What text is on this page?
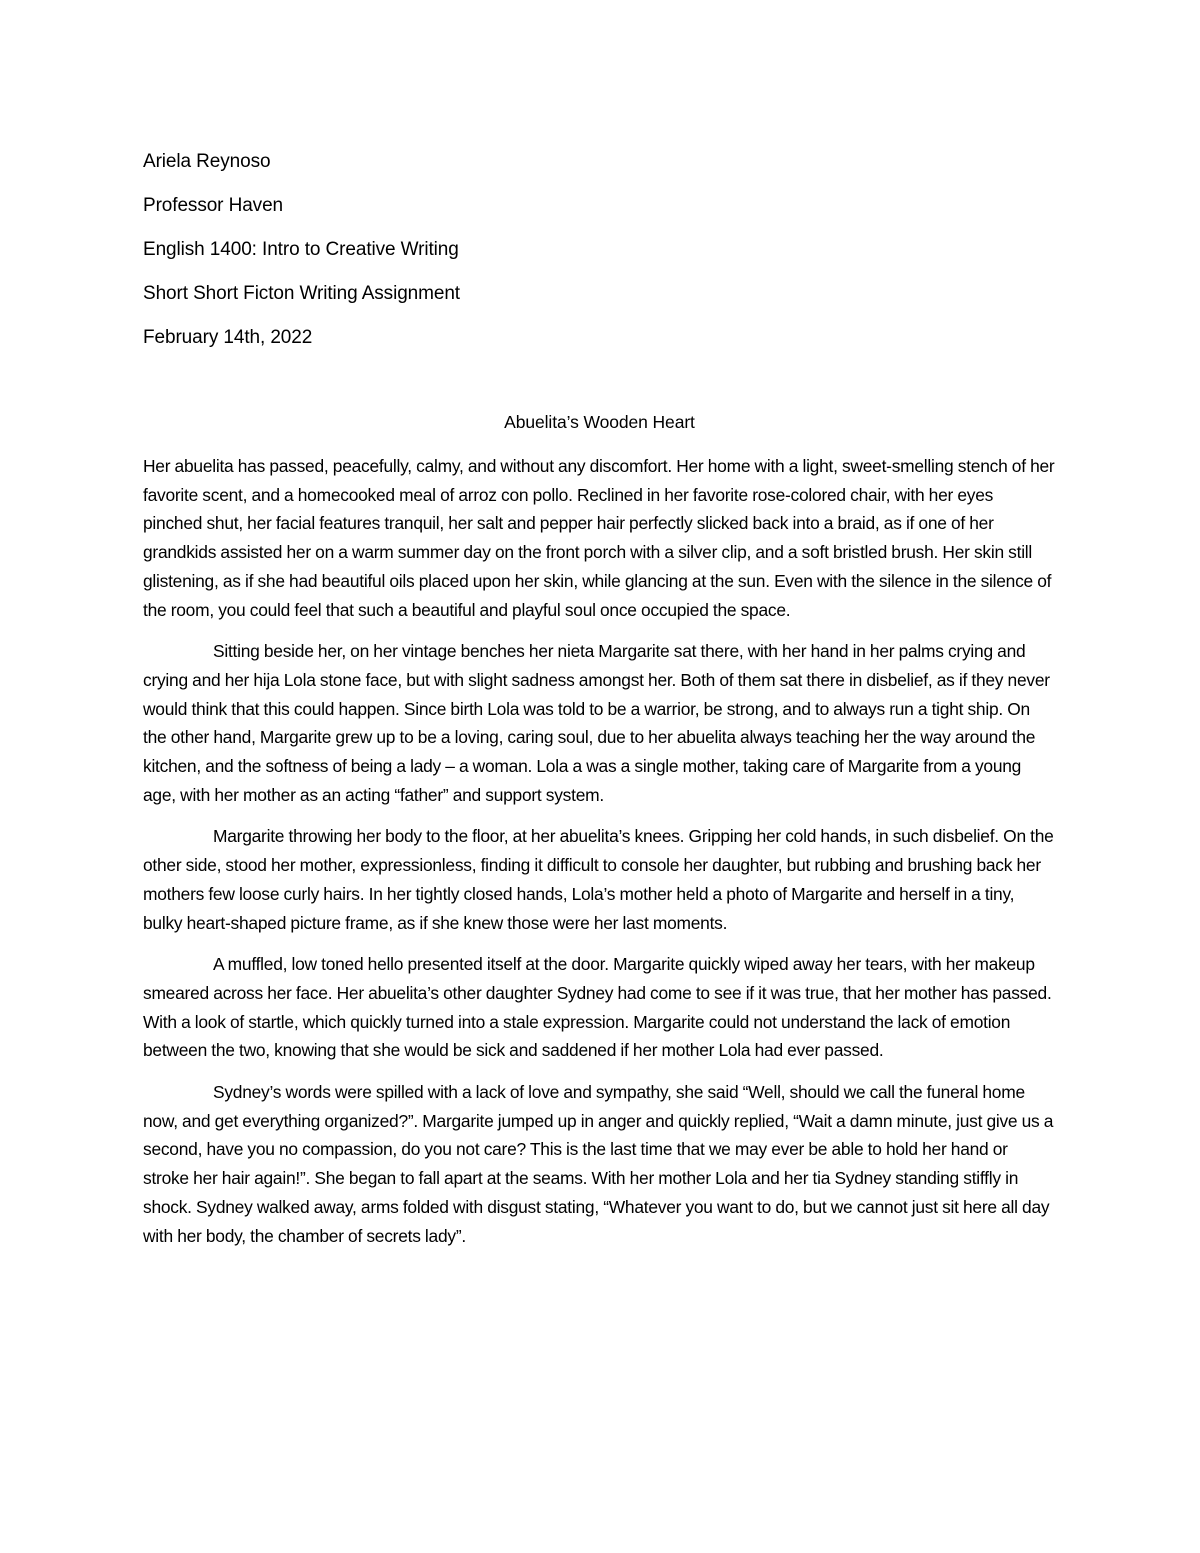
Ariela Reynoso
Professor Haven
English 1400: Intro to Creative Writing
Short Short Ficton Writing Assignment
February 14th, 2022
Abuelita’s Wooden Heart

Her abuelita has passed, peacefully, calmy, and without any discomfort. Her home with a light, sweet-smelling stench of her favorite scent, and a homecooked meal of arroz con pollo. Reclined in her favorite rose-colored chair, with her eyes pinched shut, her facial features tranquil, her salt and pepper hair perfectly slicked back into a braid, as if one of her grandkids assisted her on a warm summer day on the front porch with a silver clip, and a soft bristled brush. Her skin still glistening, as if she had beautiful oils placed upon her skin, while glancing at the sun. Even with the silence in the silence of the room, you could feel that such a beautiful and playful soul once occupied the space.

Sitting beside her, on her vintage benches her nieta Margarite sat there, with her hand in her palms crying and crying and her hija Lola stone face, but with slight sadness amongst her. Both of them sat there in disbelief, as if they never would think that this could happen. Since birth Lola was told to be a warrior, be strong, and to always run a tight ship. On the other hand, Margarite grew up to be a loving, caring soul, due to her abuelita always teaching her the way around the kitchen, and the softness of being a lady – a woman. Lola a was a single mother, taking care of Margarite from a young age, with her mother as an acting “father” and support system.

Margarite throwing her body to the floor, at her abuelita’s knees. Gripping her cold hands, in such disbelief. On the other side, stood her mother, expressionless, finding it difficult to console her daughter, but rubbing and brushing back her mothers few loose curly hairs. In her tightly closed hands, Lola’s mother held a photo of Margarite and herself in a tiny, bulky heart-shaped picture frame, as if she knew those were her last moments.

A muffled, low toned hello presented itself at the door. Margarite quickly wiped away her tears, with her makeup smeared across her face. Her abuelita’s other daughter Sydney had come to see if it was true, that her mother has passed. With a look of startle, which quickly turned into a stale expression. Margarite could not understand the lack of emotion between the two, knowing that she would be sick and saddened if her mother Lola had ever passed.

Sydney’s words were spilled with a lack of love and sympathy, she said “Well, should we call the funeral home now, and get everything organized?”. Margarite jumped up in anger and quickly replied, “Wait a damn minute, just give us a second, have you no compassion, do you not care? This is the last time that we may ever be able to hold her hand or stroke her hair again!”. She began to fall apart at the seams. With her mother Lola and her tia Sydney standing stiffly in shock. Sydney walked away, arms folded with disgust stating, “Whatever you want to do, but we cannot just sit here all day with her body, the chamber of secrets lady”.
